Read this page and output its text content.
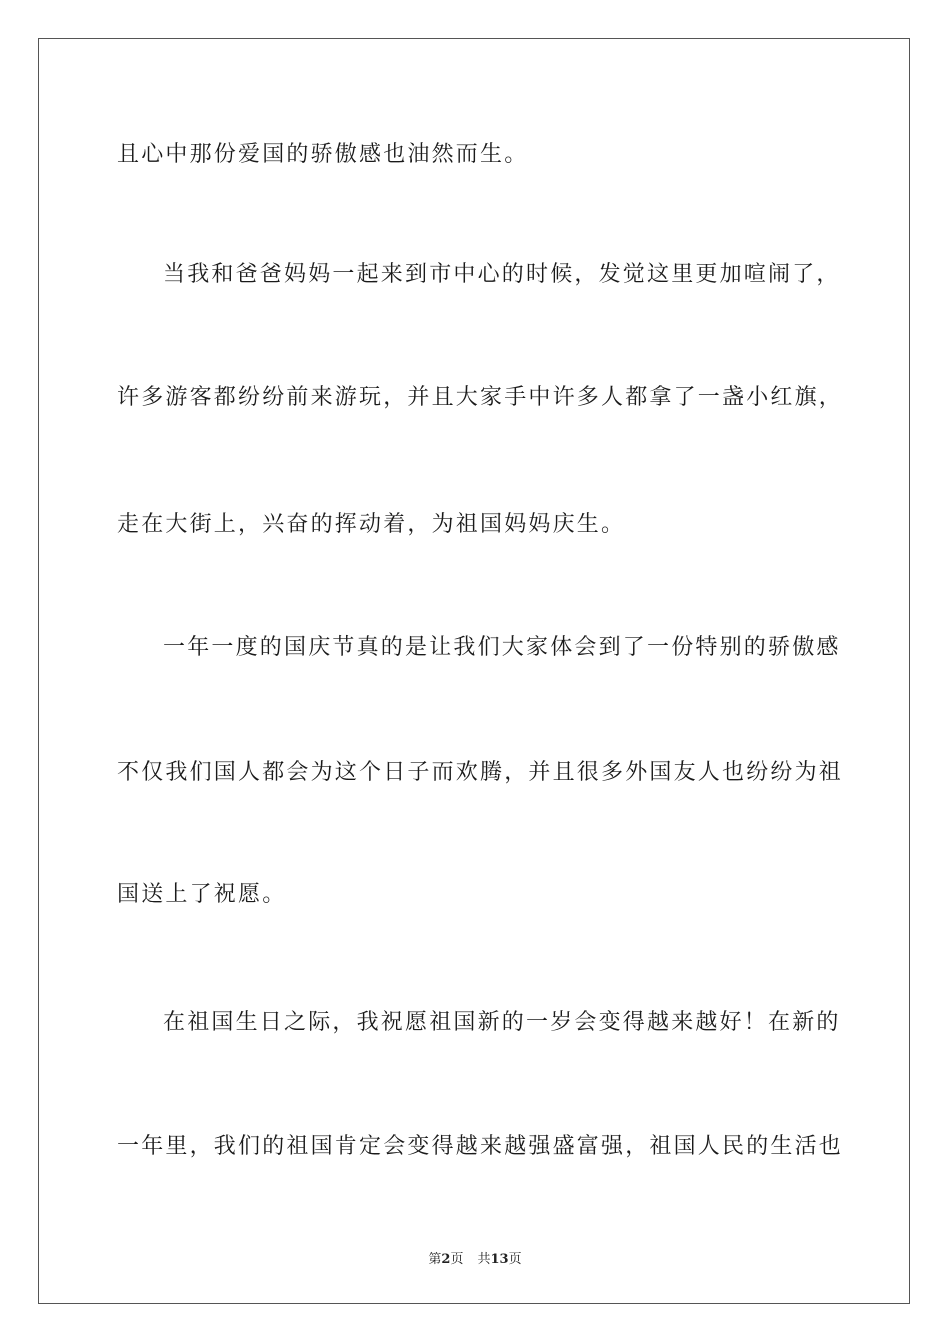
且心中那份爱国的骄傲感也油然而生。
当我和爸爸妈妈一起来到市中心的时候，发觉这里更加喧闹了，
许多游客都纷纷前来游玩，并且大家手中许多人都拿了一盏小红旗，
走在大街上，兴奋的挥动着，为祖国妈妈庆生。
一年一度的国庆节真的是让我们大家体会到了一份特别的骄傲感
不仅我们国人都会为这个日子而欢腾，并且很多外国友人也纷纷为祖
国送上了祝愿。
在祖国生日之际，我祝愿祖国新的一岁会变得越来越好！在新的
一年里，我们的祖国肯定会变得越来越强盛富强，祖国人民的生活也
第2页 共13页
